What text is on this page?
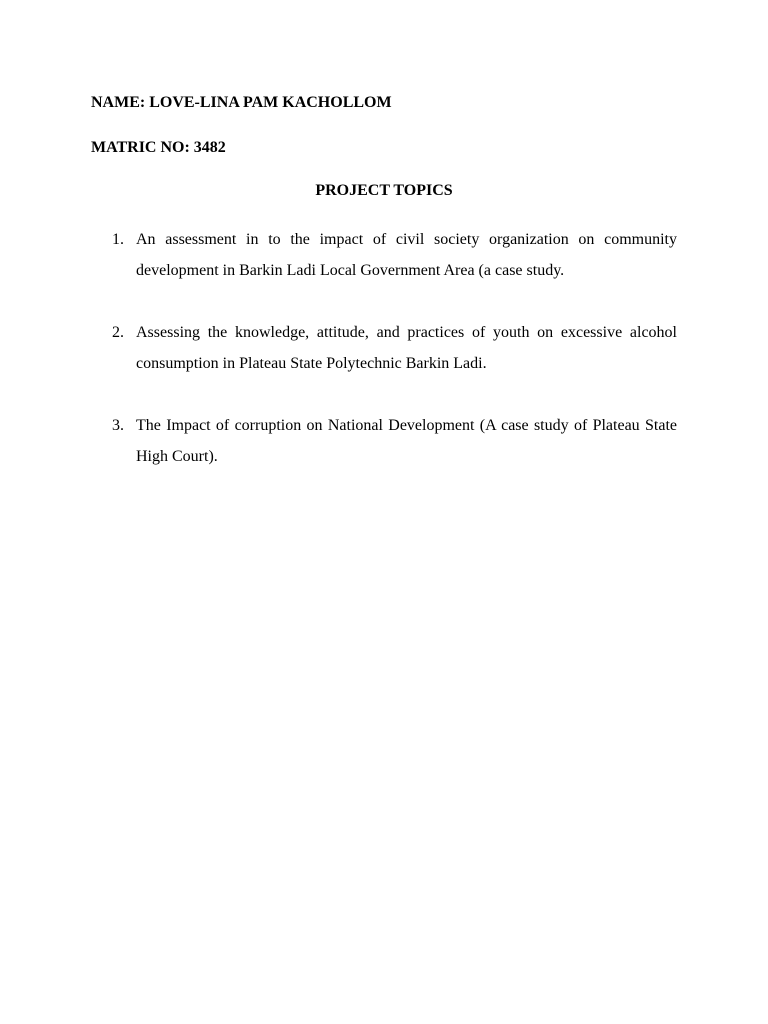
NAME: LOVE-LINA PAM KACHOLLOM
MATRIC NO: 3482
PROJECT TOPICS
1. An assessment in to the impact of civil society organization on community development in Barkin Ladi Local Government Area (a case study.
2. Assessing the knowledge, attitude, and practices of youth on excessive alcohol consumption in Plateau State Polytechnic Barkin Ladi.
3. The Impact of corruption on National Development (A case study of Plateau State High Court).
